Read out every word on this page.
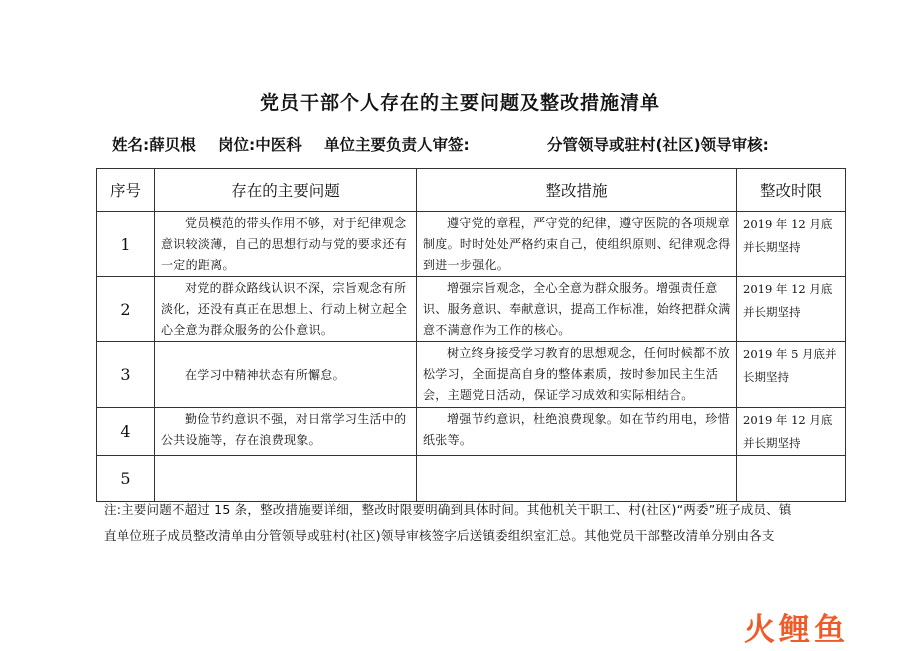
党员干部个人存在的主要问题及整改措施清单
姓名:薛贝根 岗位:中医科 单位主要负责人审签:	分管领导或驻村(社区)领导审核:
序号	存在的主要问题	整改措施	整改时限
1	党员模范的带头作用不够，对于纪律观念意识较淡薄，自己的思想行动与党的要求还有一定的距离。	遵守党的章程，严守党的纪律，遵守医院的各项规章制度。时时处处严格约束自己，使组织原则、纪律观念得到进一步强化。	2019 年 12 月底并长期坚持
2	对党的群众路线认识不深，宗旨观念有所淡化，还没有真正在思想上、行动上树立起全心全意为群众服务的公仆意识。	增强宗旨观念，全心全意为群众服务。增强责任意识、服务意识、奉献意识，提高工作标准，始终把群众满意不满意作为工作的核心。	2019 年 12 月底并长期坚持
3	在学习中精神状态有所懈怠。	树立终身接受学习教育的思想观念，任何时候都不放松学习，全面提高自身的整体素质，按时参加民主生活会，主题党日活动，保证学习成效和实际相结合。	2019 年 5 月底并长期坚持
4	勤俭节约意识不强，对日常学习生活中的公共设施等，存在浪费现象。	增强节约意识，杜绝浪费现象。如在节约用电，珍惜纸张等。	2019 年 12 月底并长期坚持
5			
注:主要问题不超过 15 条，整改措施要详细，整改时限要明确到具体时间。其他机关干职工、村(社区)“两委”班子成员、镇
直单位班子成员整改清单由分管领导或驻村(社区)领导审核签字后送镇委组织室汇总。其他党员干部整改清单分别由各支
火鲤鱼
